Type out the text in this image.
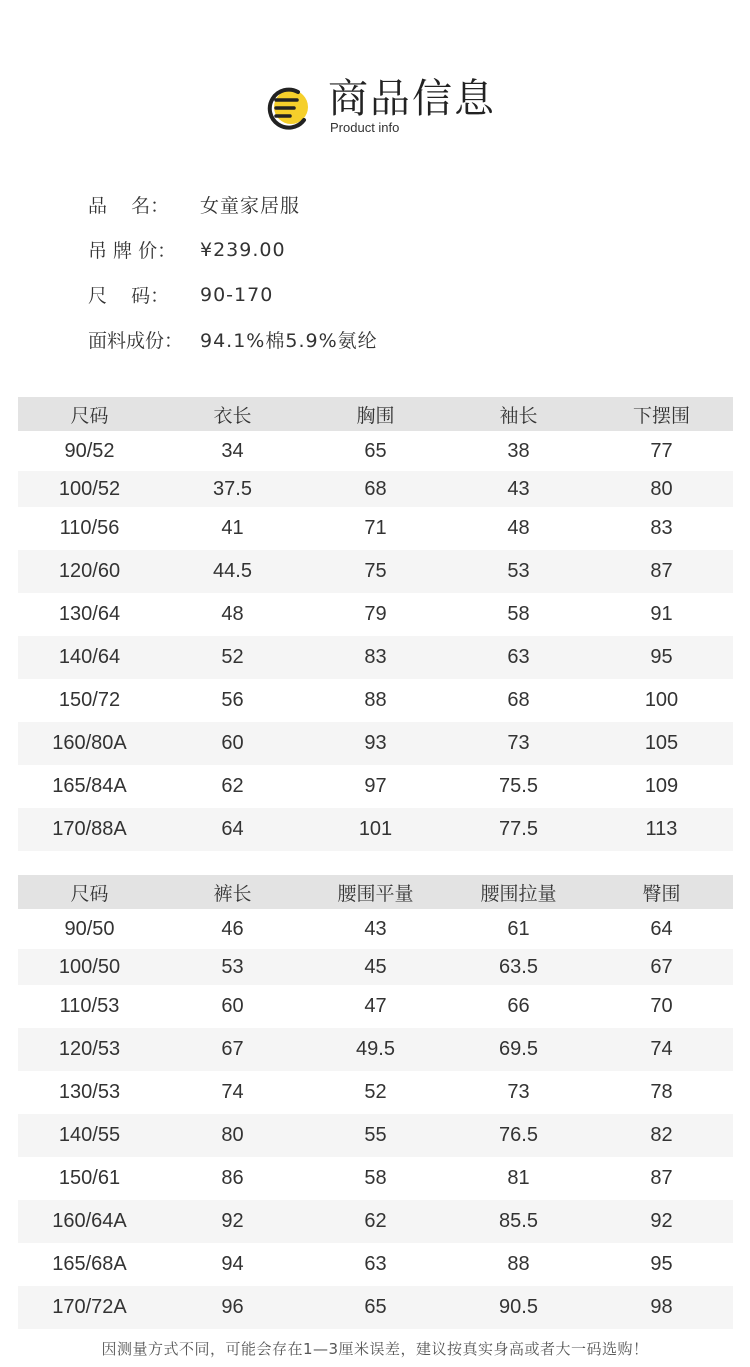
商品信息
Product info
品    名：	女童家居服
吊 牌 价：	¥239.00
尺    码：	90-170
面料成份： 94.1%棉5.9%氨纶
尺码	衣长	胸围	袖长	下摆围
90/52	34	65	38	77
100/52	37.5	68	43	80
110/56	41	71	48	83
120/60	44.5	75	53	87
130/64	48	79	58	91
140/64	52	83	63	95
150/72	56	88	68	100
160/80A	60	93	73	105
165/84A	62	97	75.5	109
170/88A	64	101	77.5	113
尺码	裤长	腰围平量	腰围拉量	臀围
90/50	46	43	61	64
100/50	53	45	63.5	67
110/53	60	47	66	70
120/53	67	49.5	69.5	74
130/53	74	52	73	78
140/55	80	55	76.5	82
150/61	86	58	81	87
160/64A	92	62	85.5	92
165/68A	94	63	88	95
170/72A	96	65	90.5	98
因测量方式不同，可能会存在1—3厘米误差，建议按真实身高或者大一码选购！
